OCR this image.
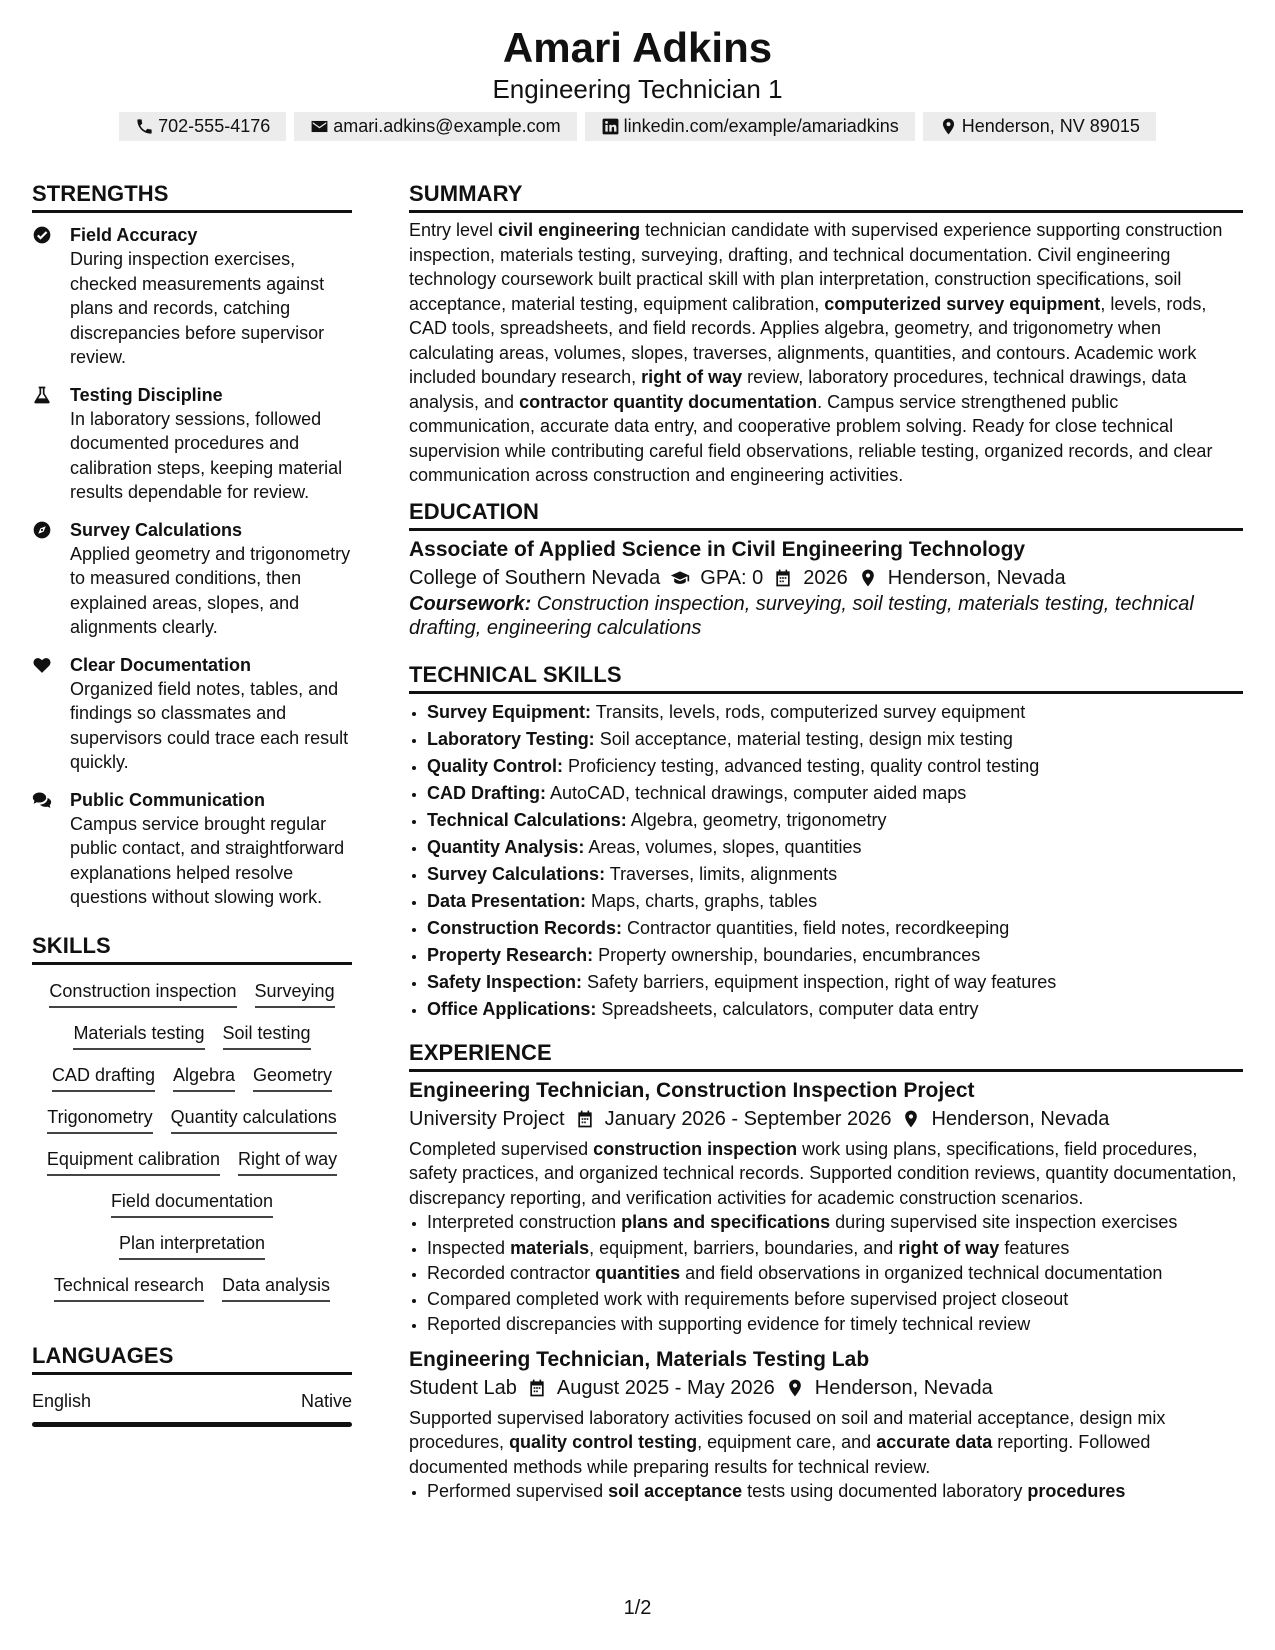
Amari Adkins
Engineering Technician 1
702-555-4176	amari.adkins@example.com	linkedin.com/example/amariadkins	Henderson, NV 89015
STRENGTHS
Field Accuracy
During inspection exercises, checked measurements against plans and records, catching discrepancies before supervisor review.
Testing Discipline
In laboratory sessions, followed documented procedures and calibration steps, keeping material results dependable for review.
Survey Calculations
Applied geometry and trigonometry to measured conditions, then explained areas, slopes, and alignments clearly.
Clear Documentation
Organized field notes, tables, and findings so classmates and supervisors could trace each result quickly.
Public Communication
Campus service brought regular public contact, and straightforward explanations helped resolve questions without slowing work.
SKILLS
Construction inspection Surveying
Materials testing Soil testing
CAD drafting Algebra Geometry
Trigonometry Quantity calculations
Equipment calibration Right of way
Field documentation
Plan interpretation
Technical research Data analysis
LANGUAGES
English	Native
SUMMARY

Entry level civil engineering technician candidate with supervised experience supporting construction inspection, materials testing, surveying, drafting, and technical documentation. Civil engineering technology coursework built practical skill with plan interpretation, construction specifications, soil acceptance, material testing, equipment calibration, computerized survey equipment, levels, rods, CAD tools, spreadsheets, and field records. Applies algebra, geometry, and trigonometry when calculating areas, volumes, slopes, traverses, alignments, quantities, and contours. Academic work included boundary research, right of way review, laboratory procedures, technical drawings, data analysis, and contractor quantity documentation. Campus service strengthened public communication, accurate data entry, and cooperative problem solving. Ready for close technical supervision while contributing careful field observations, reliable testing, organized records, and clear communication across construction and engineering activities.

EDUCATION
Associate of Applied Science in Civil Engineering Technology
College of Southern Nevada GPA: 0 2026 Henderson, Nevada
Coursework: Construction inspection, surveying, soil testing, materials testing, technical drafting, engineering calculations
TECHNICAL SKILLS
• Survey Equipment: Transits, levels, rods, computerized survey equipment
• Laboratory Testing: Soil acceptance, material testing, design mix testing
• Quality Control: Proficiency testing, advanced testing, quality control testing
• CAD Drafting: AutoCAD, technical drawings, computer aided maps
• Technical Calculations: Algebra, geometry, trigonometry
• Quantity Analysis: Areas, volumes, slopes, quantities
• Survey Calculations: Traverses, limits, alignments
• Data Presentation: Maps, charts, graphs, tables
• Construction Records: Contractor quantities, field notes, recordkeeping
• Property Research: Property ownership, boundaries, encumbrances
• Safety Inspection: Safety barriers, equipment inspection, right of way features
• Office Applications: Spreadsheets, calculators, computer data entry
EXPERIENCE
Engineering Technician, Construction Inspection Project
University Project January 2026 - September 2026 Henderson, Nevada

Completed supervised construction inspection work using plans, specifications, field procedures, safety practices, and organized technical records. Supported condition reviews, quantity documentation, discrepancy reporting, and verification activities for academic construction scenarios.

• Interpreted construction plans and specifications during supervised site inspection exercises
• Inspected materials, equipment, barriers, boundaries, and right of way features
• Recorded contractor quantities and field observations in organized technical documentation
• Compared completed work with requirements before supervised project closeout
• Reported discrepancies with supporting evidence for timely technical review
Engineering Technician, Materials Testing Lab
Student Lab August 2025 - May 2026 Henderson, Nevada

Supported supervised laboratory activities focused on soil and material acceptance, design mix procedures, quality control testing, equipment care, and accurate data reporting. Followed documented methods while preparing results for technical review.

• Performed supervised soil acceptance tests using documented laboratory procedures
1/2
